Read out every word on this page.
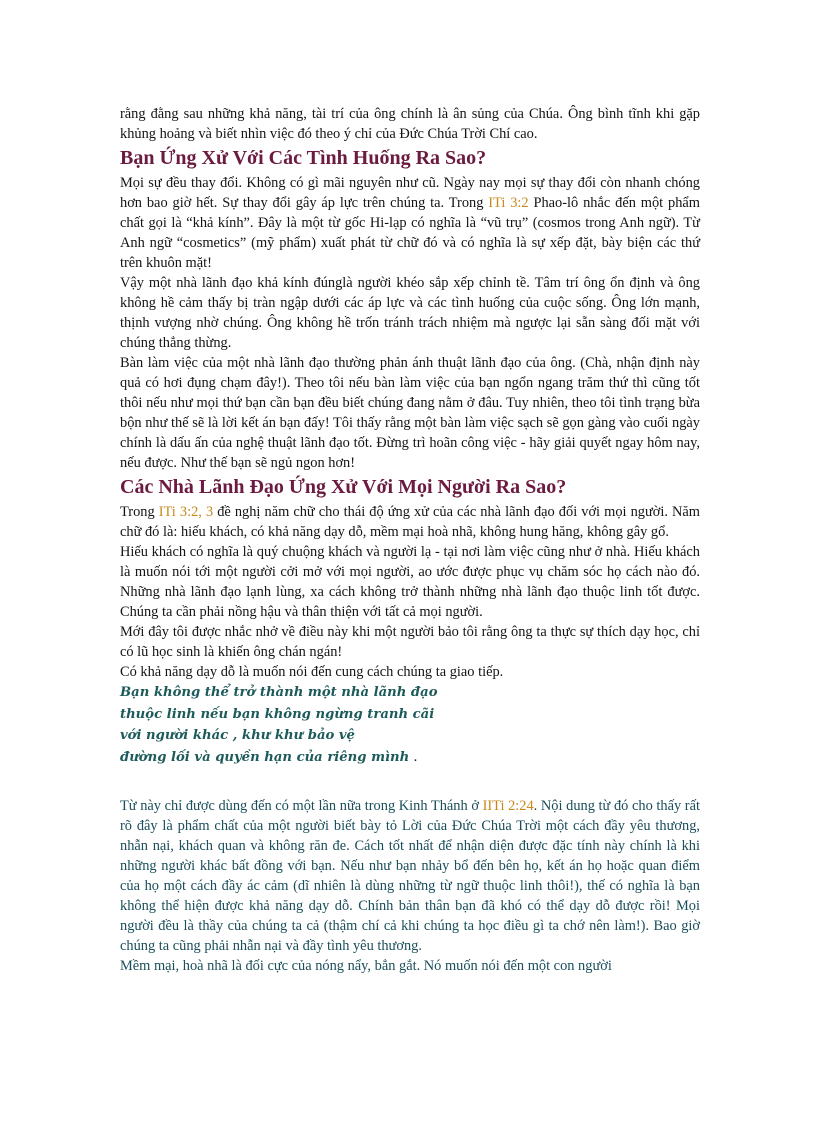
rằng đằng sau những khả năng, tài trí của ông chính là ân sủng của Chúa. Ông bình tĩnh khi gặp khủng hoảng và biết nhìn việc đó theo ý chỉ của Đức Chúa Trời Chí cao.

Bạn Ứng Xử Với Các Tình Huống Ra Sao?

Mọi sự đều thay đổi. Không có gì mãi nguyên như cũ. Ngày nay mọi sự thay đổi còn nhanh chóng hơn bao giờ hết. Sự thay đổi gây áp lực trên chúng ta. Trong ITi 3:2 Phao-lô nhắc đến một phẩm chất gọi là “khả kính”. Đây là một từ gốc Hi-lạp có nghĩa là “vũ trụ” (cosmos trong Anh ngữ). Từ Anh ngữ “cosmetics” (mỹ phẩm) xuất phát từ chữ đó và có nghĩa là sự xếp đặt, bày biện các thứ trên khuôn mặt!

Vậy một nhà lãnh đạo khả kính đúnglà người khéo sắp xếp chỉnh tề. Tâm trí ông ổn định và ông không hề cảm thấy bị tràn ngập dưới các áp lực và các tình huống của cuộc sống. Ông lớn mạnh, thịnh vượng nhờ chúng. Ông không hề trốn tránh trách nhiệm mà ngược lại sẵn sàng đối mặt với chúng thẳng thừng.

Bàn làm việc của một nhà lãnh đạo thường phản ánh thuật lãnh đạo của ông. (Chà, nhận định này quả có hơi đụng chạm đây!). Theo tôi nếu bàn làm việc của bạn ngổn ngang trăm thứ thì cũng tốt thôi nếu như mọi thứ bạn cần bạn đều biết chúng đang nằm ở đâu. Tuy nhiên, theo tôi tình trạng bừa bộn như thế sẽ là lời kết án bạn đấy! Tôi thấy rằng một bàn làm việc sạch sẽ gọn gàng vào cuối ngày chính là dấu ấn của nghệ thuật lãnh đạo tốt. Đừng trì hoãn công việc - hãy giải quyết ngay hôm nay, nếu được. Như thế bạn sẽ ngủ ngon hơn!

Các Nhà Lãnh Đạo Ứng Xử Với Mọi Người Ra Sao?

Trong ITi 3:2, 3 đề nghị năm chữ cho thái độ ứng xử của các nhà lãnh đạo đối với mọi người. Năm chữ đó là: hiếu khách, có khả năng dạy dỗ, mềm mại hoà nhã, không hung hăng, không gây gổ.

Hiếu khách có nghĩa là quý chuộng khách và người lạ - tại nơi làm việc cũng như ở nhà. Hiếu khách là muốn nói tới một người cởi mở với mọi người, ao ước được phục vụ chăm sóc họ cách nào đó. Những nhà lãnh đạo lạnh lùng, xa cách không trở thành những nhà lãnh đạo thuộc linh tốt được. Chúng ta cần phải nồng hậu và thân thiện với tất cả mọi người.

Mới đây tôi được nhắc nhở về điều này khi một người bảo tôi rằng ông ta thực sự thích dạy học, chỉ có lũ học sinh là khiến ông chán ngán!

Có khả năng dạy dỗ là muốn nói đến cung cách chúng ta giao tiếp.

Bạn không thể trở thành một nhà lãnh đạo
thuộc linh nếu bạn không ngừng tranh cãi
với người khác , khư khư bảo vệ
đường lối và quyền hạn của riêng mình .

Từ này chỉ được dùng đến có một lần nữa trong Kinh Thánh ở IITi 2:24. Nội dung từ đó cho thấy rất rõ đây là phẩm chất của một người biết bày tỏ Lời của Đức Chúa Trời một cách đầy yêu thương, nhẫn nại, khách quan và không răn đe. Cách tốt nhất để nhận diện được đặc tính này chính là khi những người khác bất đồng với bạn. Nếu như bạn nhảy bổ đến bên họ, kết án họ hoặc quan điểm của họ một cách đầy ác cảm (dĩ nhiên là dùng những từ ngữ thuộc linh thôi!), thế có nghĩa là bạn không thể hiện được khả năng dạy dỗ. Chính bản thân bạn đã khó có thể dạy dỗ được rồi! Mọi người đều là thầy của chúng ta cả (thậm chí cả khi chúng ta học điều gì ta chớ nên làm!). Bao giờ chúng ta cũng phải nhẫn nại và đầy tình yêu thương.

Mềm mại, hoà nhã là đối cực của nóng nẩy, bẳn gắt. Nó muốn nói đến một con người
